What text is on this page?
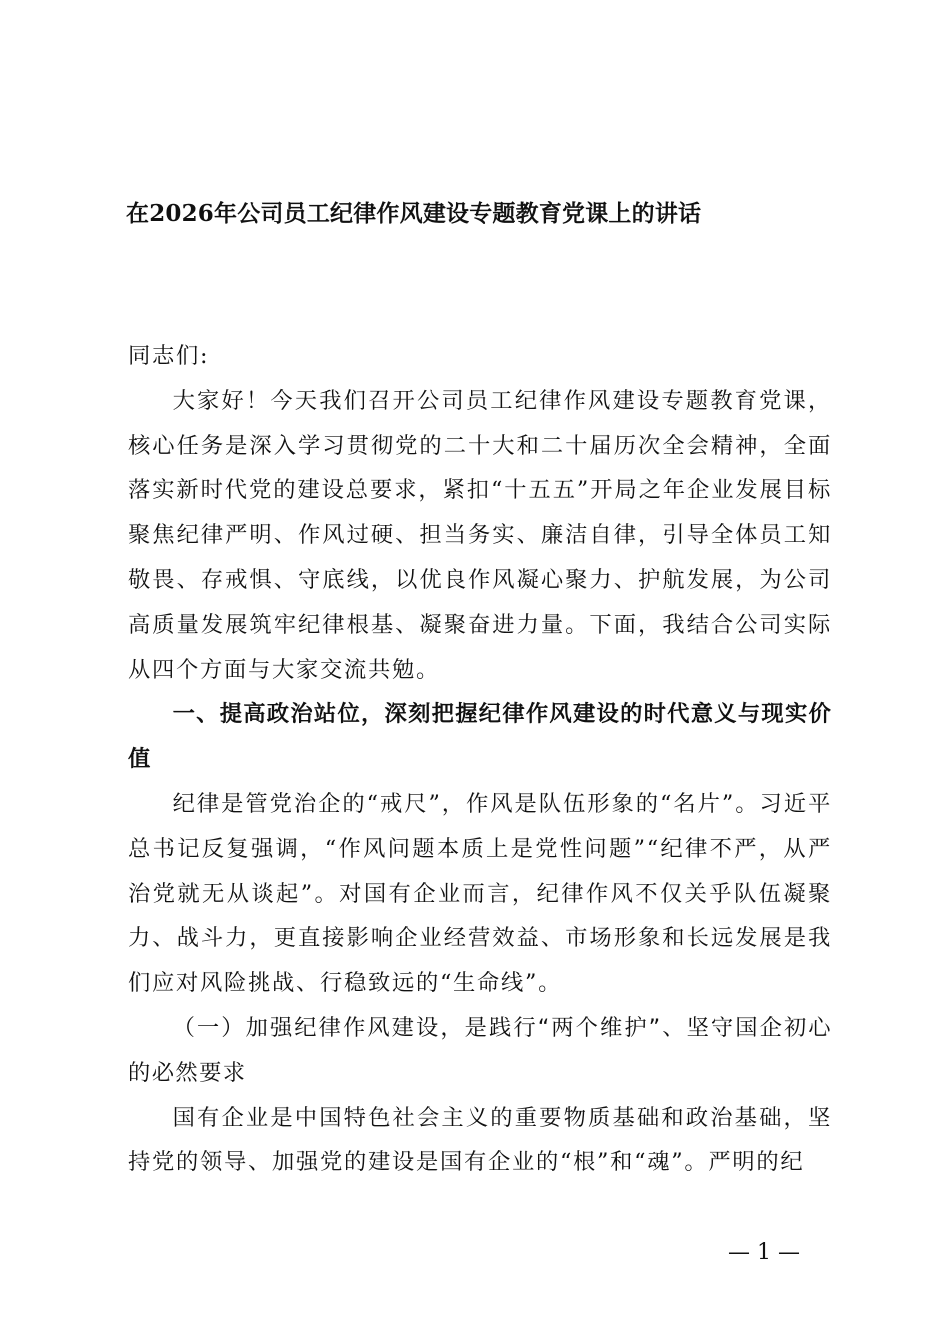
在2026年公司员工纪律作风建设专题教育党课上的讲话

同志们:

大家好！今天我们召开公司员工纪律作风建设专题教育党课，核心任务是深入学习贯彻党的二十大和二十届历次全会精神，全面落实新时代党的建设总要求，紧扣“十五五”开局之年企业发展目标聚焦纪律严明、作风过硬、担当务实、廉洁自律，引导全体员工知敬畏、存戒惧、守底线，以优良作风凝心聚力、护航发展，为公司高质量发展筑牢纪律根基、凝聚奋进力量。下面，我结合公司实际从四个方面与大家交流共勉。

一、提高政治站位，深刻把握纪律作风建设的时代意义与现实价值

纪律是管党治企的“戒尺”，作风是队伍形象的“名片”。习近平总书记反复强调，“作风问题本质上是党性问题”“纪律不严，从严治党就无从谈起”。对国有企业而言，纪律作风不仅关乎队伍凝聚力、战斗力，更直接影响企业经营效益、市场形象和长远发展是我们应对风险挑战、行稳致远的“生命线”。

（一）加强纪律作风建设，是践行“两个维护”、坚守国企初心的必然要求

国有企业是中国特色社会主义的重要物质基础和政治基础，坚持党的领导、加强党的建设是国有企业的“根”和“魂”。严明的纪

— 1 —
